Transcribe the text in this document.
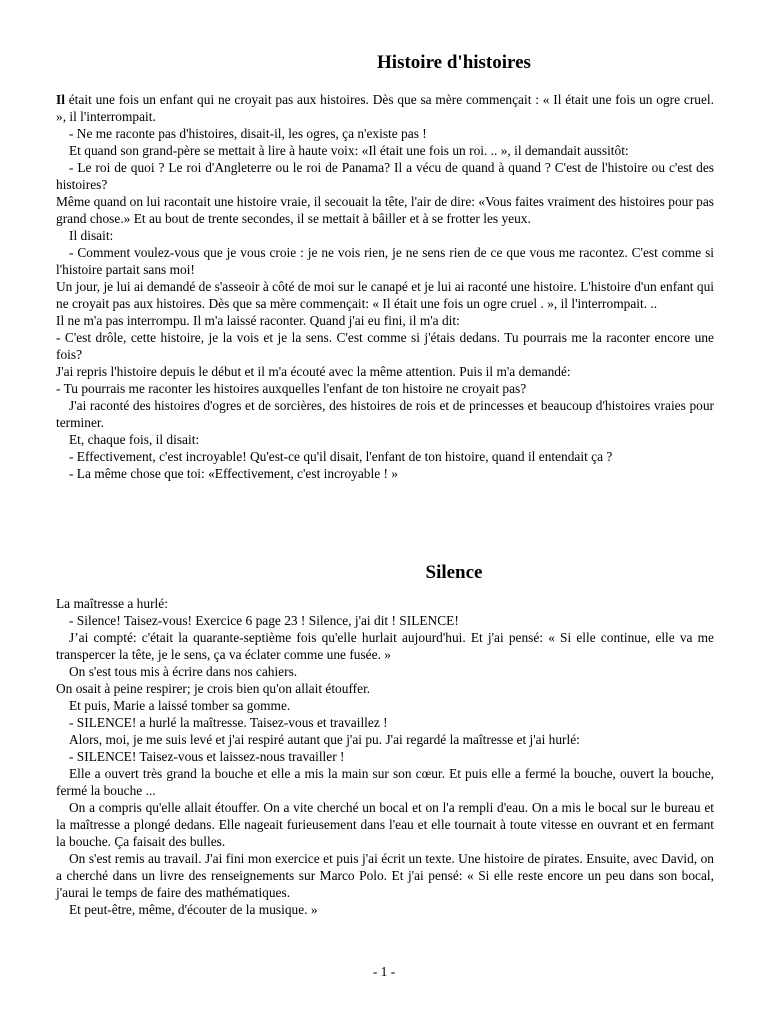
Histoire d'histoires

Il était une fois un enfant qui ne croyait pas aux histoires. Dès que sa mère commençait : « Il était une fois un ogre cruel. », il l'interrompait.

- Ne me raconte pas d'histoires, disait-il, les ogres, ça n'existe pas !

Et quand son grand-père se mettait à lire à haute voix: «Il était une fois un roi. .. », il demandait aussitôt:

- Le roi de quoi ? Le roi d'Angleterre ou le roi de Panama? Il a vécu de quand à quand ? C'est de l'histoire ou c'est des histoires?

Même quand on lui racontait une histoire vraie, il secouait la tête, l'air de dire: «Vous faites vraiment des histoires pour pas grand chose.» Et au bout de trente secondes, il se mettait à bâiller et à se frotter les yeux.

Il disait:

- Comment voulez-vous que je vous croie : je ne vois rien, je ne sens rien de ce que vous me racontez. C'est comme si l'histoire partait sans moi!

Un jour, je lui ai demandé de s'asseoir à côté de moi sur le canapé et je lui ai raconté une histoire. L'histoire d'un enfant qui ne croyait pas aux histoires. Dès que sa mère commençait: « Il était une fois un ogre cruel . », il l'interrompait. ..

Il ne m'a pas interrompu. Il m'a laissé raconter. Quand j'ai eu fini, il m'a dit:

- C'est drôle, cette histoire, je la vois et je la sens. C'est comme si j'étais dedans. Tu pourrais me la raconter encore une fois?

J'ai repris l'histoire depuis le début et il m'a écouté avec la même attention. Puis il m'a demandé:

- Tu pourrais me raconter les histoires auxquelles l'enfant de ton histoire ne croyait pas?

J'ai raconté des histoires d'ogres et de sorcières, des histoires de rois et de princesses et beaucoup d'histoires vraies pour terminer.

Et, chaque fois, il disait:

- Effectivement, c'est incroyable! Qu'est-ce qu'il disait, l'enfant de ton histoire, quand il entendait ça ?

- La même chose que toi: «Effectivement, c'est incroyable ! »

Silence

La maîtresse a hurlé:

- Silence! Taisez-vous! Exercice 6 page 23 ! Silence, j'ai dit ! SILENCE!

J’ai compté: c'était la quarante-septième fois qu'elle hurlait aujourd'hui. Et j'ai pensé: « Si elle continue, elle va me transpercer la tête, je le sens, ça va éclater comme une fusée. »

On s'est tous mis à écrire dans nos cahiers.

On osait à peine respirer; je crois bien qu'on allait étouffer.

Et puis, Marie a laissé tomber sa gomme.

- SILENCE! a hurlé la maîtresse. Taisez-vous et travaillez !

Alors, moi, je me suis levé et j'ai respiré autant que j'ai pu. J'ai regardé la maîtresse et j'ai hurlé:

- SILENCE! Taisez-vous et laissez-nous travailler !

Elle a ouvert très grand la bouche et elle a mis la main sur son cœur. Et puis elle a fermé la bouche, ouvert la bouche, fermé la bouche ...

On a compris qu'elle allait étouffer. On a vite cherché un bocal et on l'a rempli d'eau. On a mis le bocal sur le bureau et la maîtresse a plongé dedans. Elle nageait furieusement dans l'eau et elle tournait à toute vitesse en ouvrant et en fermant la bouche. Ça faisait des bulles.

On s'est remis au travail. J'ai fini mon exercice et puis j'ai écrit un texte. Une histoire de pirates. Ensuite, avec David, on a cherché dans un livre des renseignements sur Marco Polo. Et j'ai pensé: « Si elle reste encore un peu dans son bocal, j'aurai le temps de faire des mathématiques.

Et peut-être, même, d'écouter de la musique. »

- 1 -
